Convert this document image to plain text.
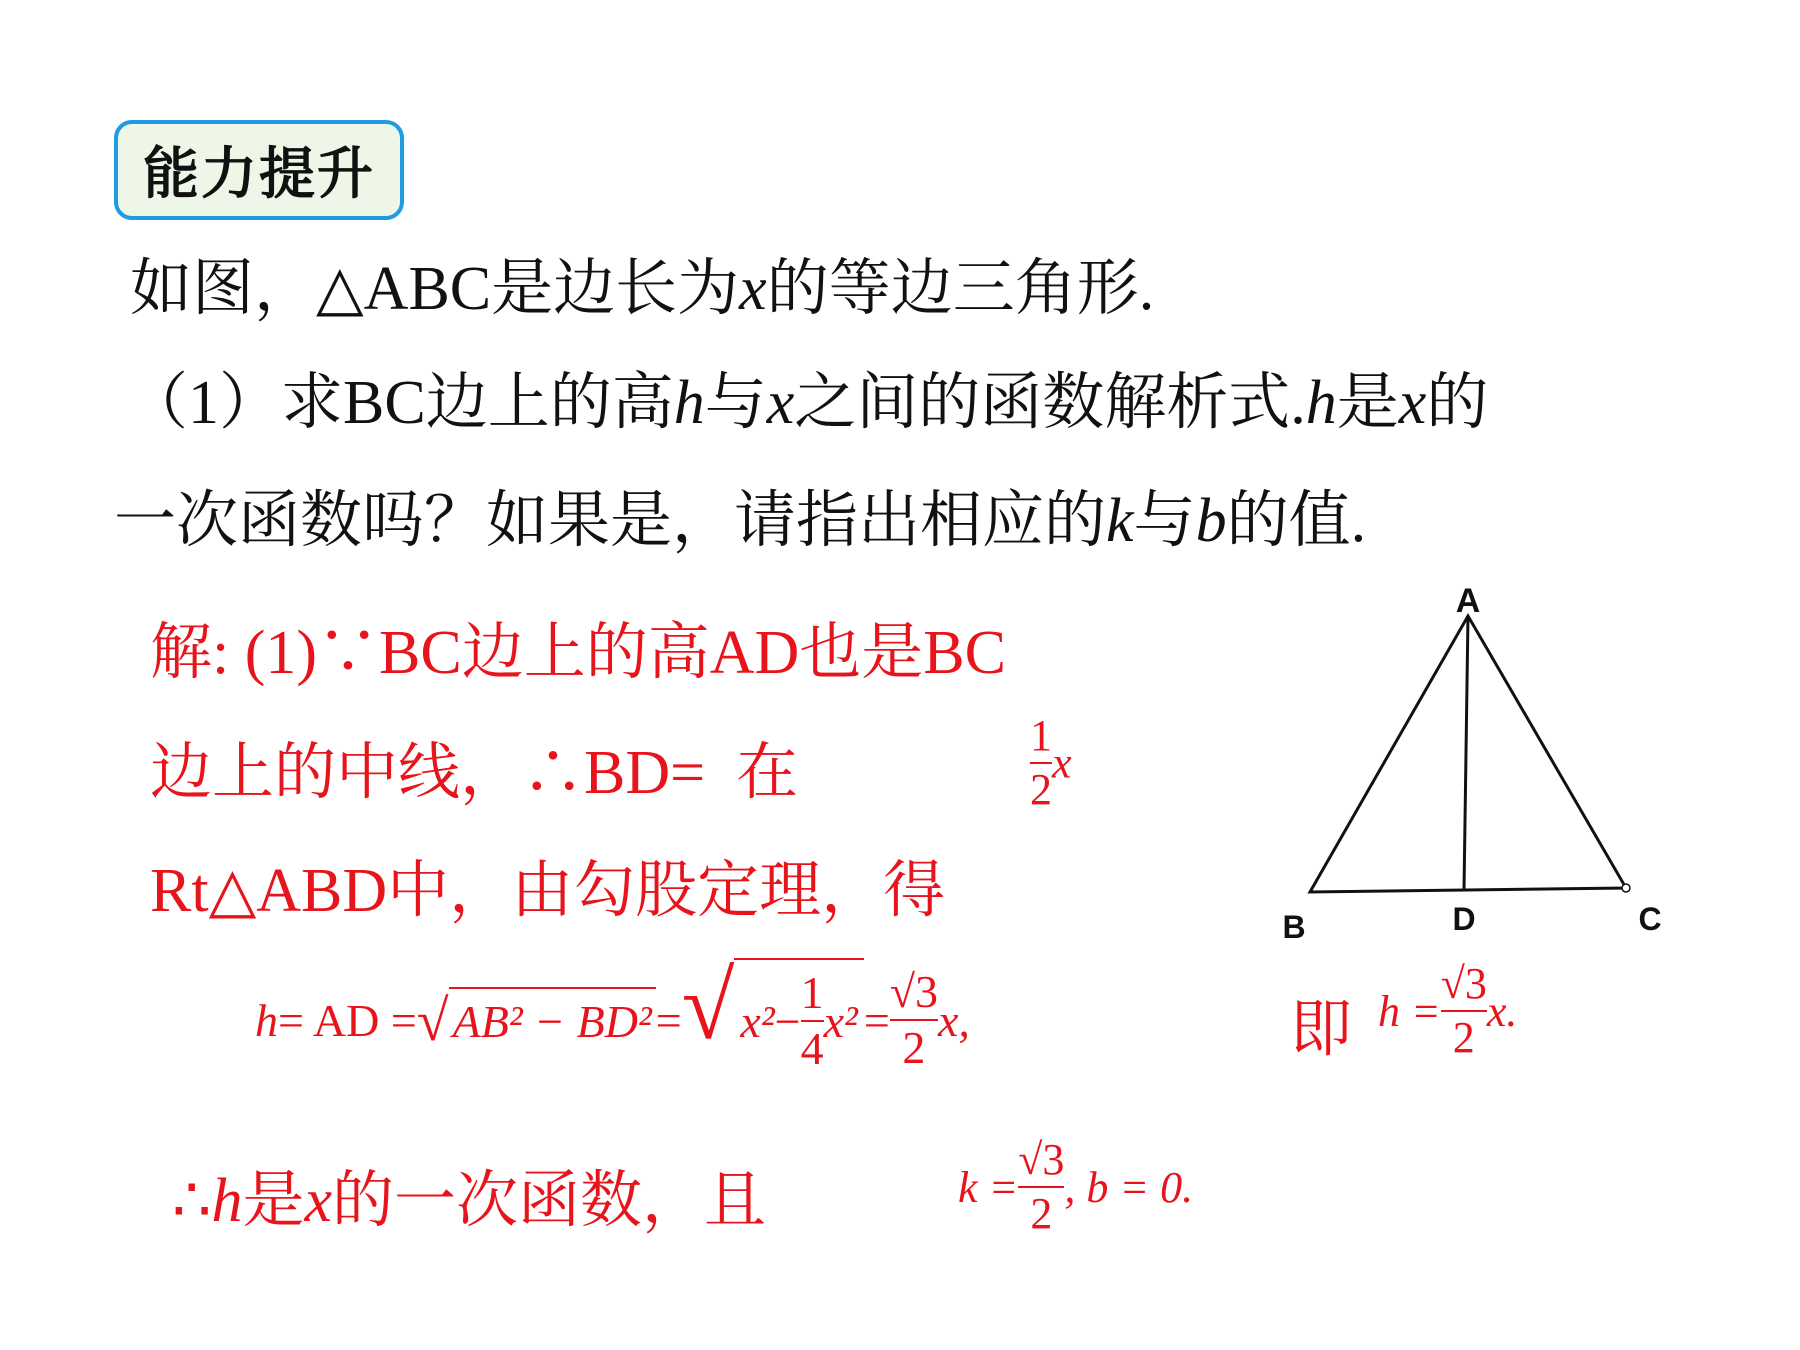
能力提升
如图，△ABC是边长为x的等边三角形.
（1）求BC边上的高h与x之间的函数解析式.h是x的
一次函数吗？如果是，请指出相应的k与b的值.
解: (1)∵BC边上的高AD也是BC
边上的中线，∴BD= 在	$\frac{1}{2}$ x
Rt△ABD中，由勾股定理，得
h = AD = √ AB² − BD² = √ $x^2 - \frac{1}{4} x^2 = \frac{√3}{2} x$,	即 $h = \frac{√3}{2} x$.
∴h是x的一次函数，且	$k = \frac{√3}{2}$ , b = 0.
A
B	C
D
